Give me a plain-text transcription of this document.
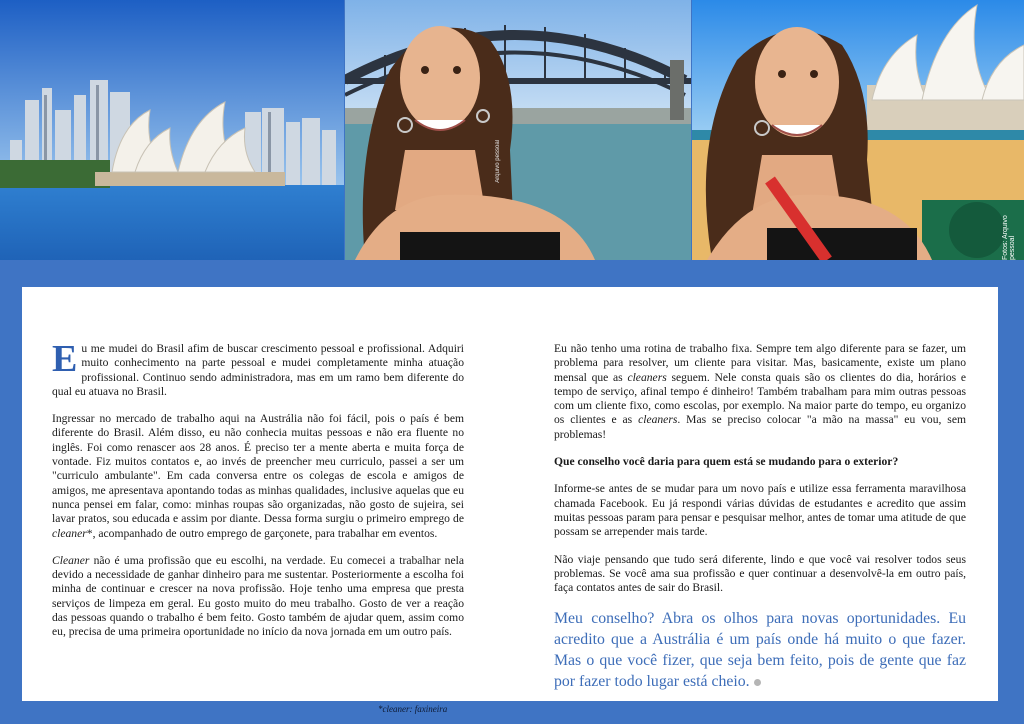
Arquivo pessoal
Fotos: Arquivo pessoal

Eu me mudei do Brasil afim de buscar crescimento pessoal e profissional. Adquiri muito conhecimento na parte pessoal e mudei completamente minha atuação profissional. Continuo sendo administradora, mas em um ramo bem diferente do qual eu atuava no Brasil.

Ingressar no mercado de trabalho aqui na Austrália não foi fácil, pois o país é bem diferente do Brasil. Além disso, eu não conhecia muitas pessoas e não era fluente no inglês. Foi como renascer aos 28 anos. É preciso ter a mente aberta e muita força de vontade. Fiz muitos contatos e, ao invés de preencher meu curriculo, passei a ser um "curriculo ambulante". Em cada conversa entre os colegas de escola e amigos de amigos, me apresentava apontando todas as minhas qualidades, inclusive aquelas que eu nunca pensei em falar, como: minhas roupas são organizadas, não gosto de sujeira, sei lavar pratos, sou educada e assim por diante. Dessa forma surgiu o primeiro emprego de cleaner*, acompanhado de outro emprego de garçonete, para trabalhar em eventos.

Cleaner não é uma profissão que eu escolhi, na verdade. Eu comecei a trabalhar nela devido a necessidade de ganhar dinheiro para me sustentar. Posteriormente a escolha foi minha de continuar e crescer na nova profissão. Hoje tenho uma empresa que presta serviços de limpeza em geral. Eu gosto muito do meu trabalho. Gosto de ver a reação das pessoas quando o trabalho é bem feito. Gosto também de ajudar quem, assim como eu, precisa de uma primeira oportunidade no início da nova jornada em um outro país.

Eu não tenho uma rotina de trabalho fixa. Sempre tem algo diferente para se fazer, um problema para resolver, um cliente para visitar. Mas, basicamente, existe um plano mensal que as cleaners seguem. Nele consta quais são os clientes do dia, horários e tempo de serviço, afinal tempo é dinheiro! Também trabalham para mim outras pessoas com um cliente fixo, como escolas, por exemplo. Na maior parte do tempo, eu organizo os clientes e as cleaners. Mas se preciso colocar "a mão na massa" eu vou, sem problemas!

Que conselho você daria para quem está se mudando para o exterior?

Informe-se antes de se mudar para um novo país e utilize essa ferramenta maravilhosa chamada Facebook. Eu já respondi várias dúvidas de estudantes e acredito que assim muitas pessoas param para pensar e pesquisar melhor, antes de tomar uma atitude de que possam se arrepender mais tarde.

Não viaje pensando que tudo será diferente, lindo e que você vai resolver todos seus problemas. Se você ama sua profissão e quer continuar a desenvolvê-la em outro país, faça contatos antes de sair do Brasil.

Meu conselho? Abra os olhos para novas oportunidades. Eu acredito que a Austrália é um país onde há muito o que fazer. Mas o que você fizer, que seja bem feito, pois de gente que faz por fazer todo lugar está cheio.
*cleaner: faxineira
